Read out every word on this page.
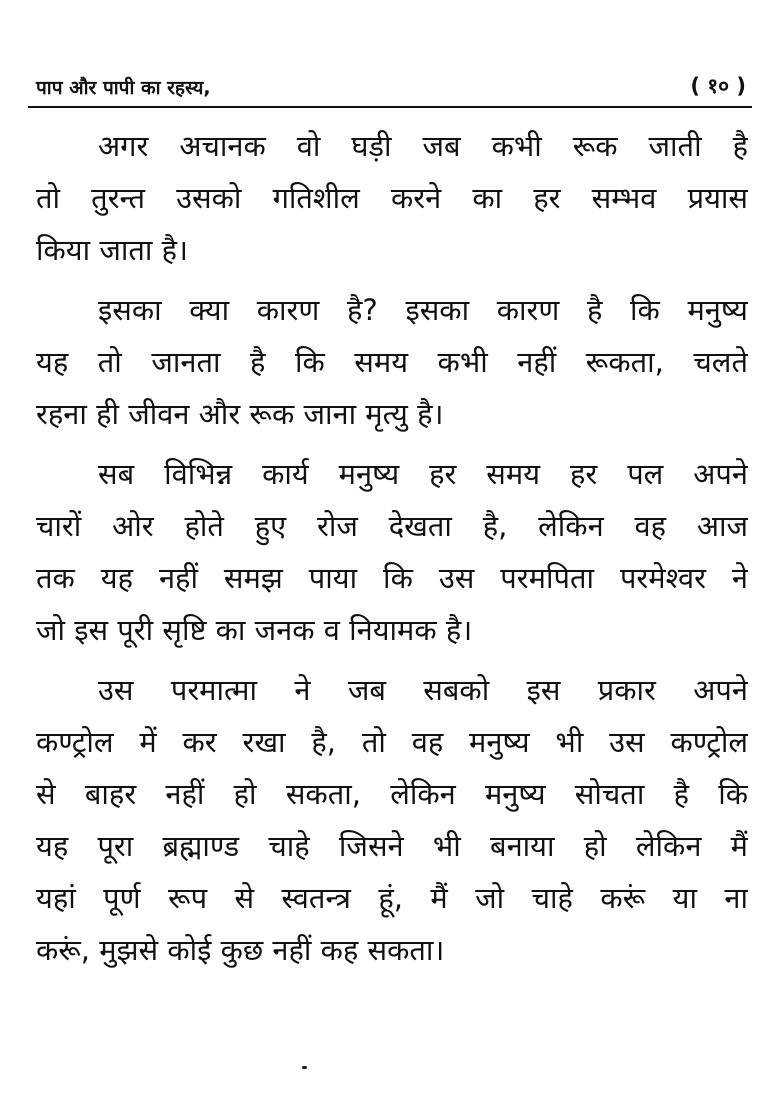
पाप और पापी का रहस्य,	( १० )
अगर अचानक वो घड़ी जब कभी रूक जाती है
तो तुरन्त उसको गतिशील करने का हर सम्भव प्रयास
किया जाता है।
इसका क्या कारण है? इसका कारण है कि मनुष्य
यह तो जानता है कि समय कभी नहीं रूकता, चलते
रहना ही जीवन और रूक जाना मृत्यु है।
सब विभिन्न कार्य मनुष्य हर समय हर पल अपने
चारों ओर होते हुए रोज देखता है, लेकिन वह आज
तक यह नहीं समझ पाया कि उस परमपिता परमेश्वर ने
जो इस पूरी सृष्टि का जनक व नियामक है।
उस परमात्मा ने जब सबको इस प्रकार अपने
कण्ट्रोल में कर रखा है, तो वह मनुष्य भी उस कण्ट्रोल
से बाहर नहीं हो सकता, लेकिन मनुष्य सोचता है कि
यह पूरा ब्रह्माण्ड चाहे जिसने भी बनाया हो लेकिन मैं
यहां पूर्ण रूप से स्वतन्त्र हूं, मैं जो चाहे करूं या ना
करूं, मुझसे कोई कुछ नहीं कह सकता।
